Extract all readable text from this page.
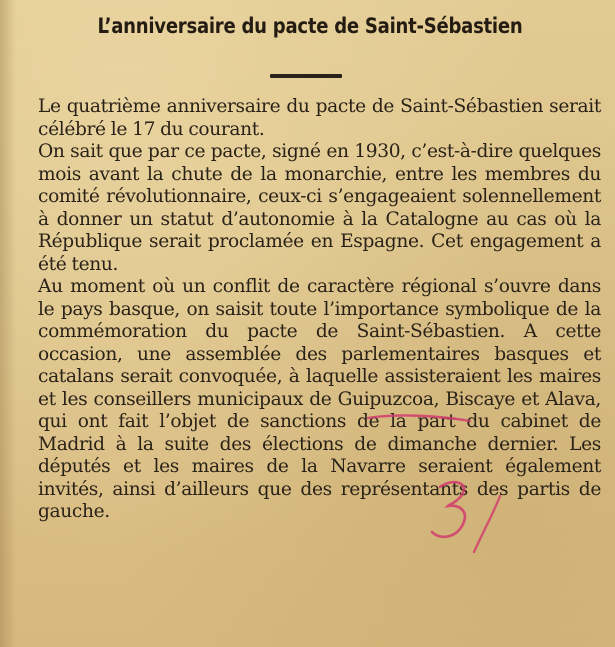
L’anniversaire du pacte de Saint-Sébastien

Le quatrième anniversaire du pacte de Saint-Sébastien serait célébré le 17 du courant.

On sait que par ce pacte, signé en 1930, c’est-à-dire quelques mois avant la chute de la monarchie, entre les membres du comité révolutionnaire, ceux-ci s’engageaient solennellement à donner un statut d’autonomie à la Catalogne au cas où la République serait proclamée en Espagne. Cet engagement a été tenu.

Au moment où un conflit de caractère régional s’ouvre dans le pays basque, on saisit toute l’importance symbolique de la commémoration du pacte de Saint-Sébastien. A cette occasion, une assemblée des parlementaires basques et catalans serait convoquée, à laquelle assisteraient les maires et les conseillers municipaux de Guipuzcoa, Biscaye et Alava, qui ont fait l’objet de sanctions de la part du cabinet de Madrid à la suite des élections de dimanche dernier. Les députés et les maires de la Navarre seraient également invités, ainsi d’ailleurs que des représentants des partis de gauche.
